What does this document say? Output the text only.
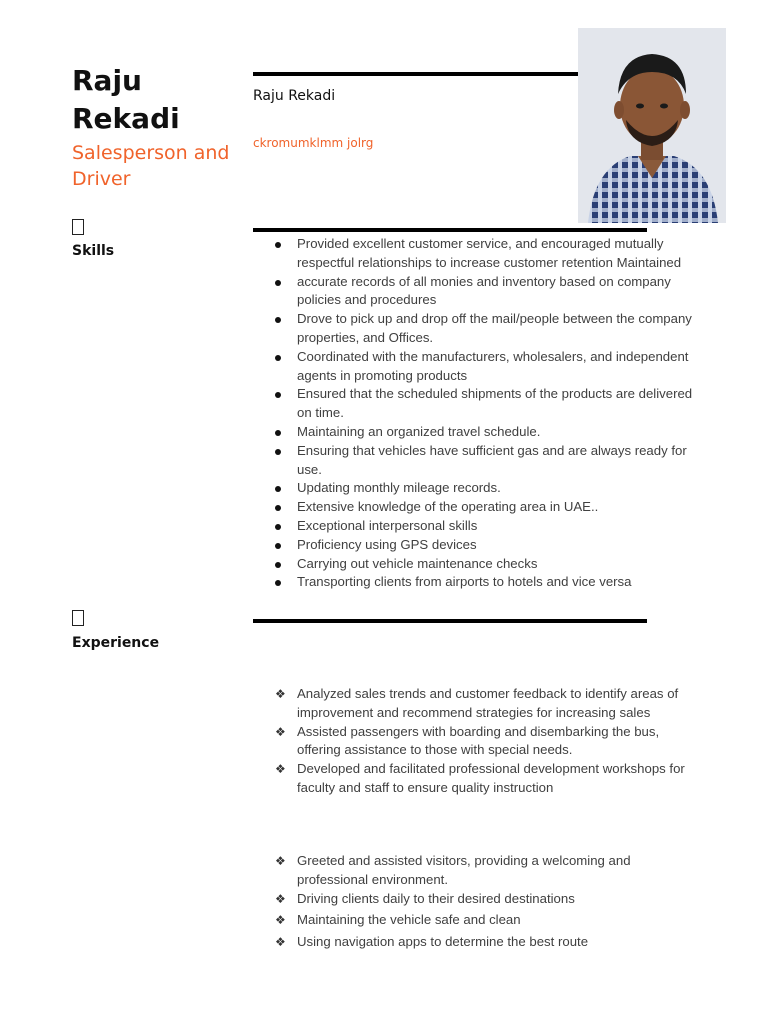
Raju
Rekadi
Salesperson and
Driver
Raju Rekadi
ckromumklmm jolrg
Skills	Provided excellent customer service, and encouraged mutually respectful relationships to increase customer retention Maintained
accurate records of all monies and inventory based on company policies and procedures
Drove to pick up and drop off the mail/people between the company properties, and Offices.
Coordinated with the manufacturers, wholesalers, and independent agents in promoting products
Ensured that the scheduled shipments of the products are delivered on time.
Maintaining an organized travel schedule.
Ensuring that vehicles have sufficient gas and are always ready for use.
Updating monthly mileage records.
Extensive knowledge of the operating area in UAE..
Exceptional interpersonal skills
Proficiency using GPS devices
Carrying out vehicle maintenance checks
Transporting clients from airports to hotels and vice versa
Experience
❖ Analyzed sales trends and customer feedback to identify areas of improvement and recommend strategies for increasing sales
❖ Assisted passengers with boarding and disembarking the bus, offering assistance to those with special needs.
❖ Developed and facilitated professional development workshops for faculty and staff to ensure quality instruction
❖ Greeted and assisted visitors, providing a welcoming and professional environment.
❖ Driving clients daily to their desired destinations
❖ Maintaining the vehicle safe and clean
❖ Using navigation apps to determine the best route
